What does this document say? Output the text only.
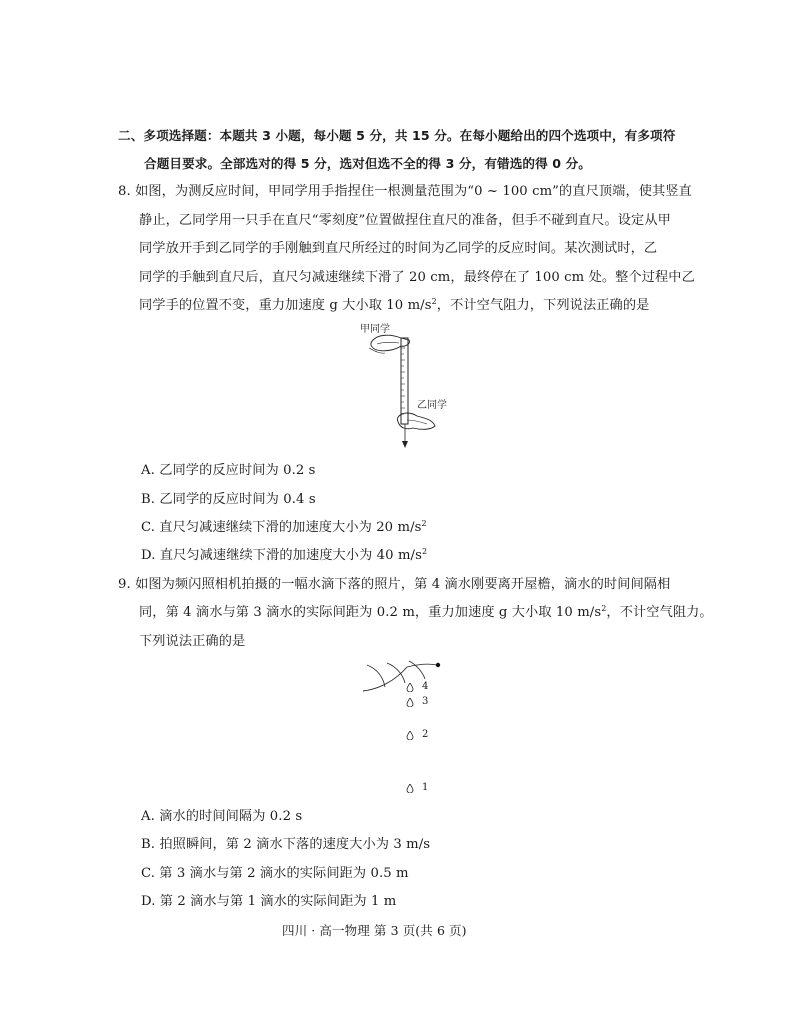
二、多项选择题：本题共 3 小题，每小题 5 分，共 15 分。在每小题给出的四个选项中，有多项符
合题目要求。全部选对的得 5 分，选对但选不全的得 3 分，有错选的得 0 分。
8. 如图，为测反应时间，甲同学用手指捏住一根测量范围为“0 ~ 100 cm”的直尺顶端，使其竖直
静止，乙同学用一只手在直尺“零刻度”位置做捏住直尺的准备，但手不碰到直尺。设定从甲
同学放开手到乙同学的手刚触到直尺所经过的时间为乙同学的反应时间。某次测试时，乙
同学的手触到直尺后，直尺匀减速继续下滑了 20 cm，最终停在了 100 cm 处。整个过程中乙
同学手的位置不变，重力加速度 g 大小取 10 $m/s^2$，不计空气阻力，下列说法正确的是
甲同学
乙同学
A. 乙同学的反应时间为 0.2 s
B. 乙同学的反应时间为 0.4 s
C. 直尺匀减速继续下滑的加速度大小为 20 $m/s^2$
D. 直尺匀减速继续下滑的加速度大小为 40 $m/s^2$
9. 如图为频闪照相机拍摄的一幅水滴下落的照片，第 4 滴水刚要离开屋檐，滴水的时间间隔相
同，第 4 滴水与第 3 滴水的实际间距为 0.2 m，重力加速度 g 大小取 10 $m/s^2$，不计空气阻力。
下列说法正确的是
4
3
2
1
A. 滴水的时间间隔为 0.2 s
B. 拍照瞬间，第 2 滴水下落的速度大小为 3 m/s
C. 第 3 滴水与第 2 滴水的实际间距为 0.5 m
D. 第 2 滴水与第 1 滴水的实际间距为 1 m
四川 · 高一物理 第 3 页(共 6 页)
